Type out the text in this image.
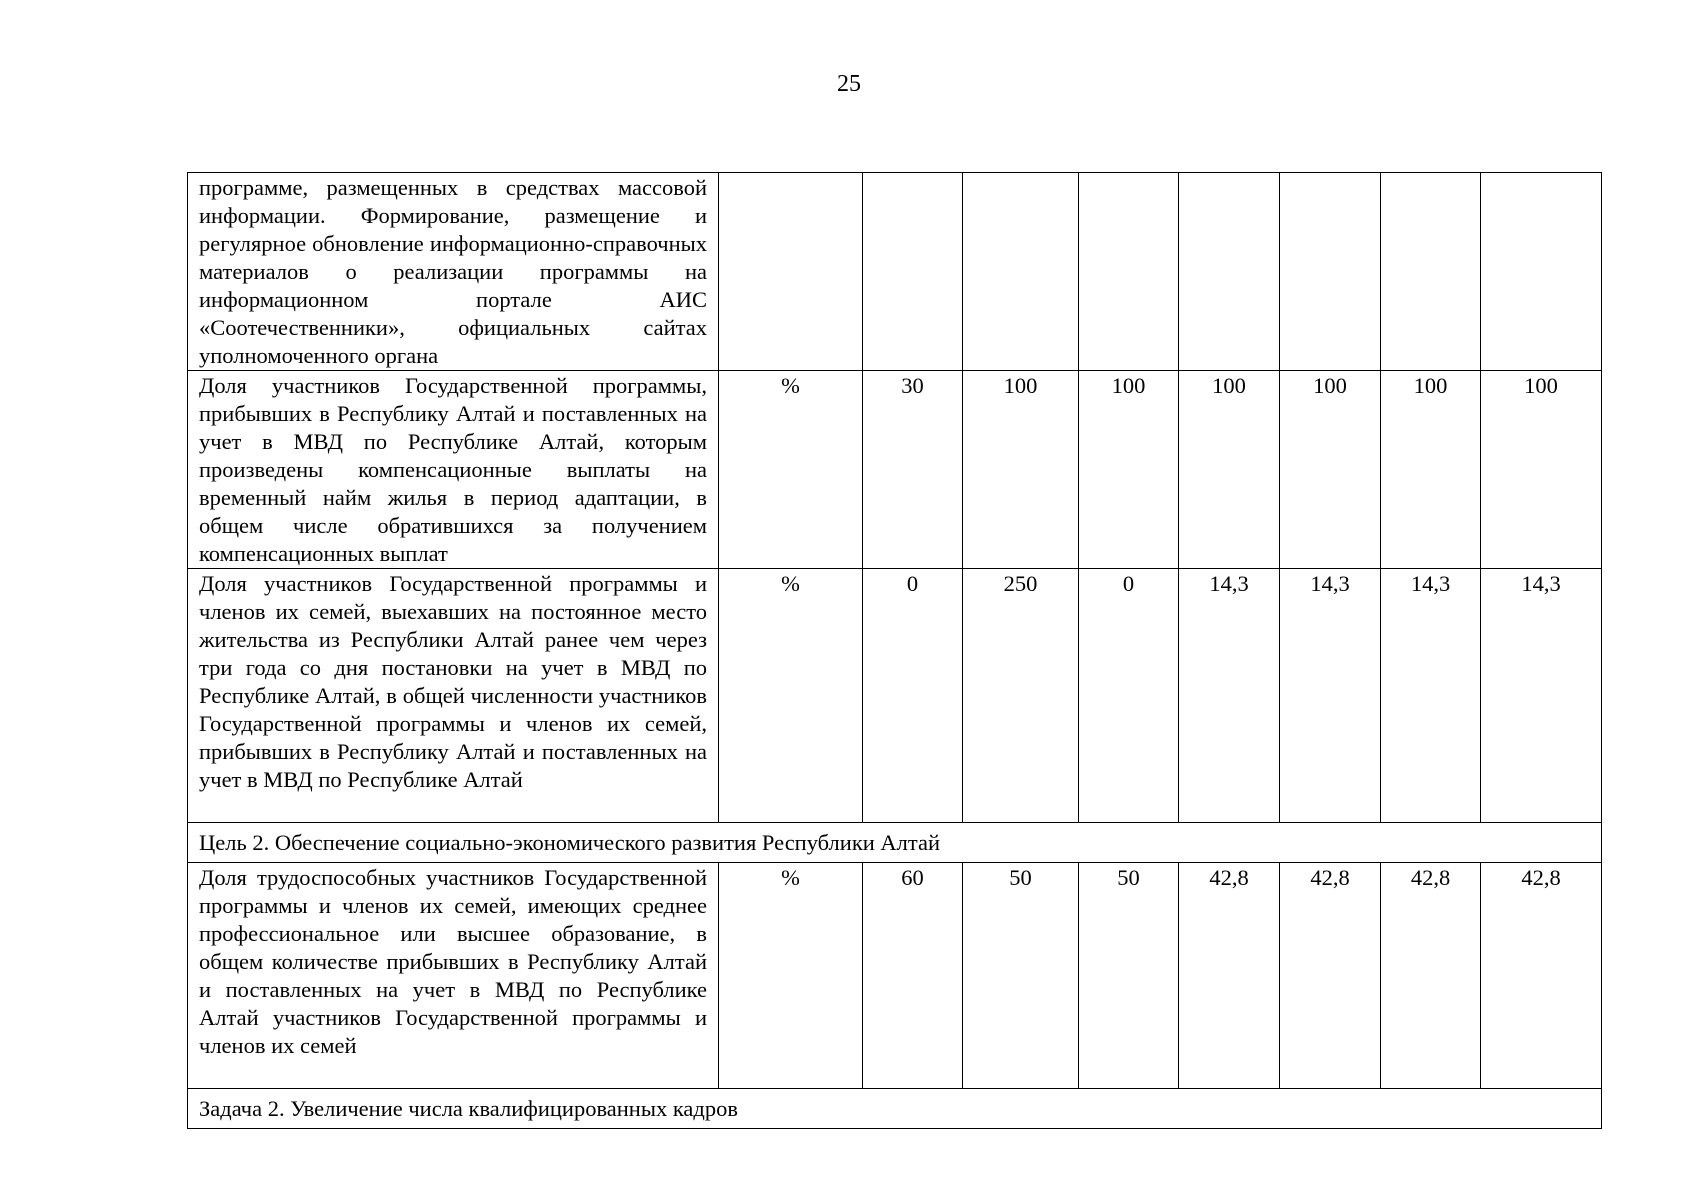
25
программе, размещенных в средствах массовой информации. Формирование, размещение и регулярное обновление информационно-справочных материалов о реализации программы на информационном портале АИС «Соотечественники», официальных сайтах уполномоченного органа								
Доля участников Государственной программы, прибывших в Республику Алтай и поставленных на учет в МВД по Республике Алтай, которым произведены компенсационные выплаты на временный найм жилья в период адаптации, в общем числе обратившихся за получением компенсационных выплат	%	30	100	100	100	100	100	100
Доля участников Государственной программы и членов их семей, выехавших на постоянное место жительства из Республики Алтай ранее чем через три года со дня постановки на учет в МВД по Республике Алтай, в общей численности участников Государственной программы и членов их семей, прибывших в Республику Алтай и поставленных на учет в МВД по Республике Алтай	%	0	250	0	14,3	14,3	14,3	14,3
Цель 2. Обеспечение социально-экономического развития Республики Алтай								
Доля трудоспособных участников Государственной программы и членов их семей, имеющих среднее профессиональное или высшее образование, в общем количестве прибывших в Республику Алтай и поставленных на учет в МВД по Республике Алтай участников Государственной программы и членов их семей	%	60	50	50	42,8	42,8	42,8	42,8
Задача 2. Увеличение числа квалифицированных кадров								
